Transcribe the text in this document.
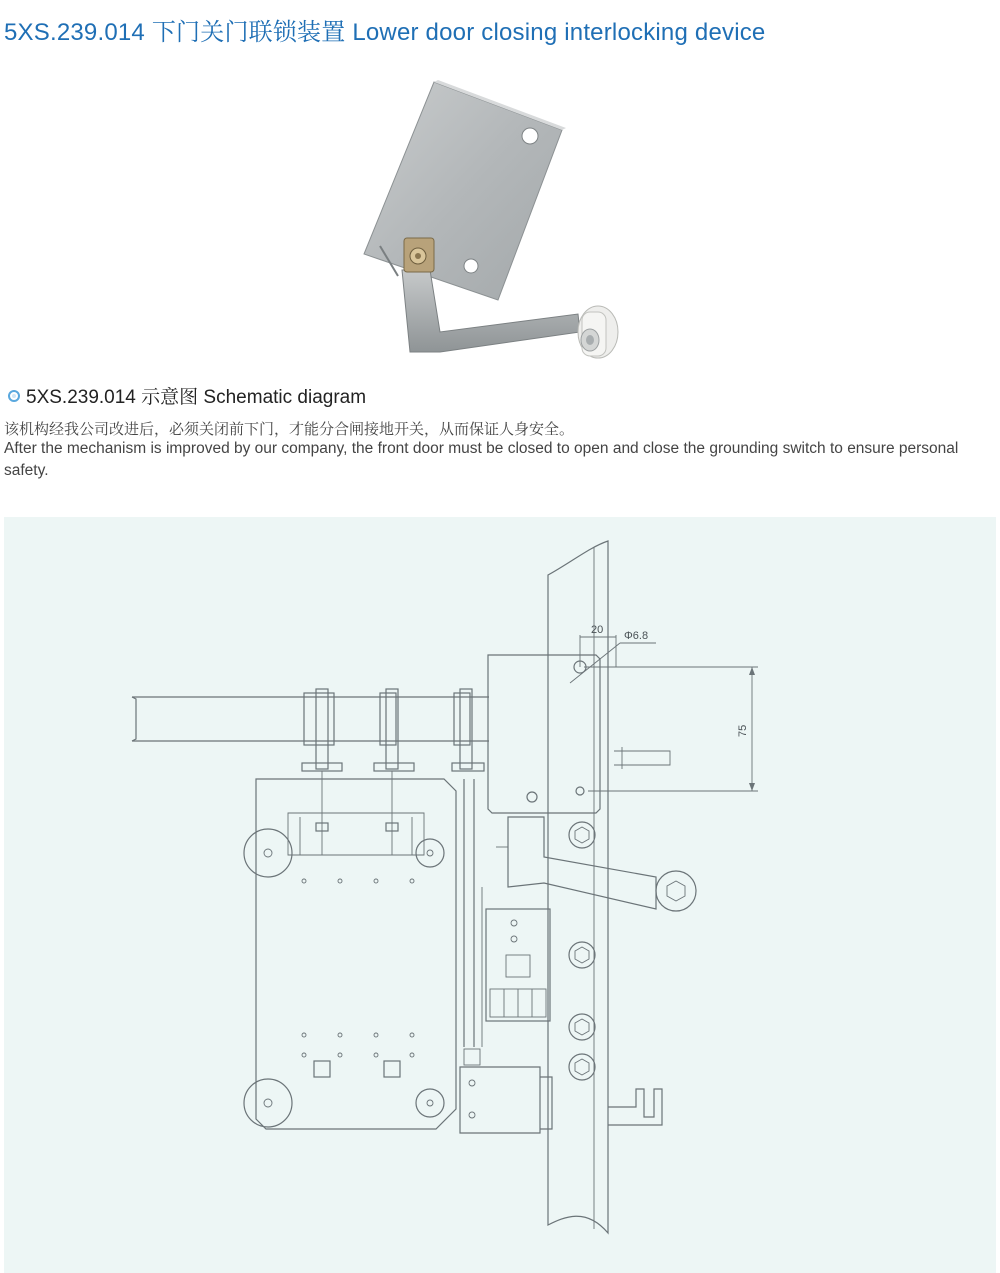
5XS.239.014 下门关门联锁装置 Lower door closing interlocking device
5XS.239.014 示意图 Schematic diagram
该机构经我公司改进后，必须关闭前下门，才能分合闸接地开关，从而保证人身安全。
After the mechanism is improved by our company, the front door must be closed to open and close the grounding switch to ensure personal safety.
20 Φ6.8
75
